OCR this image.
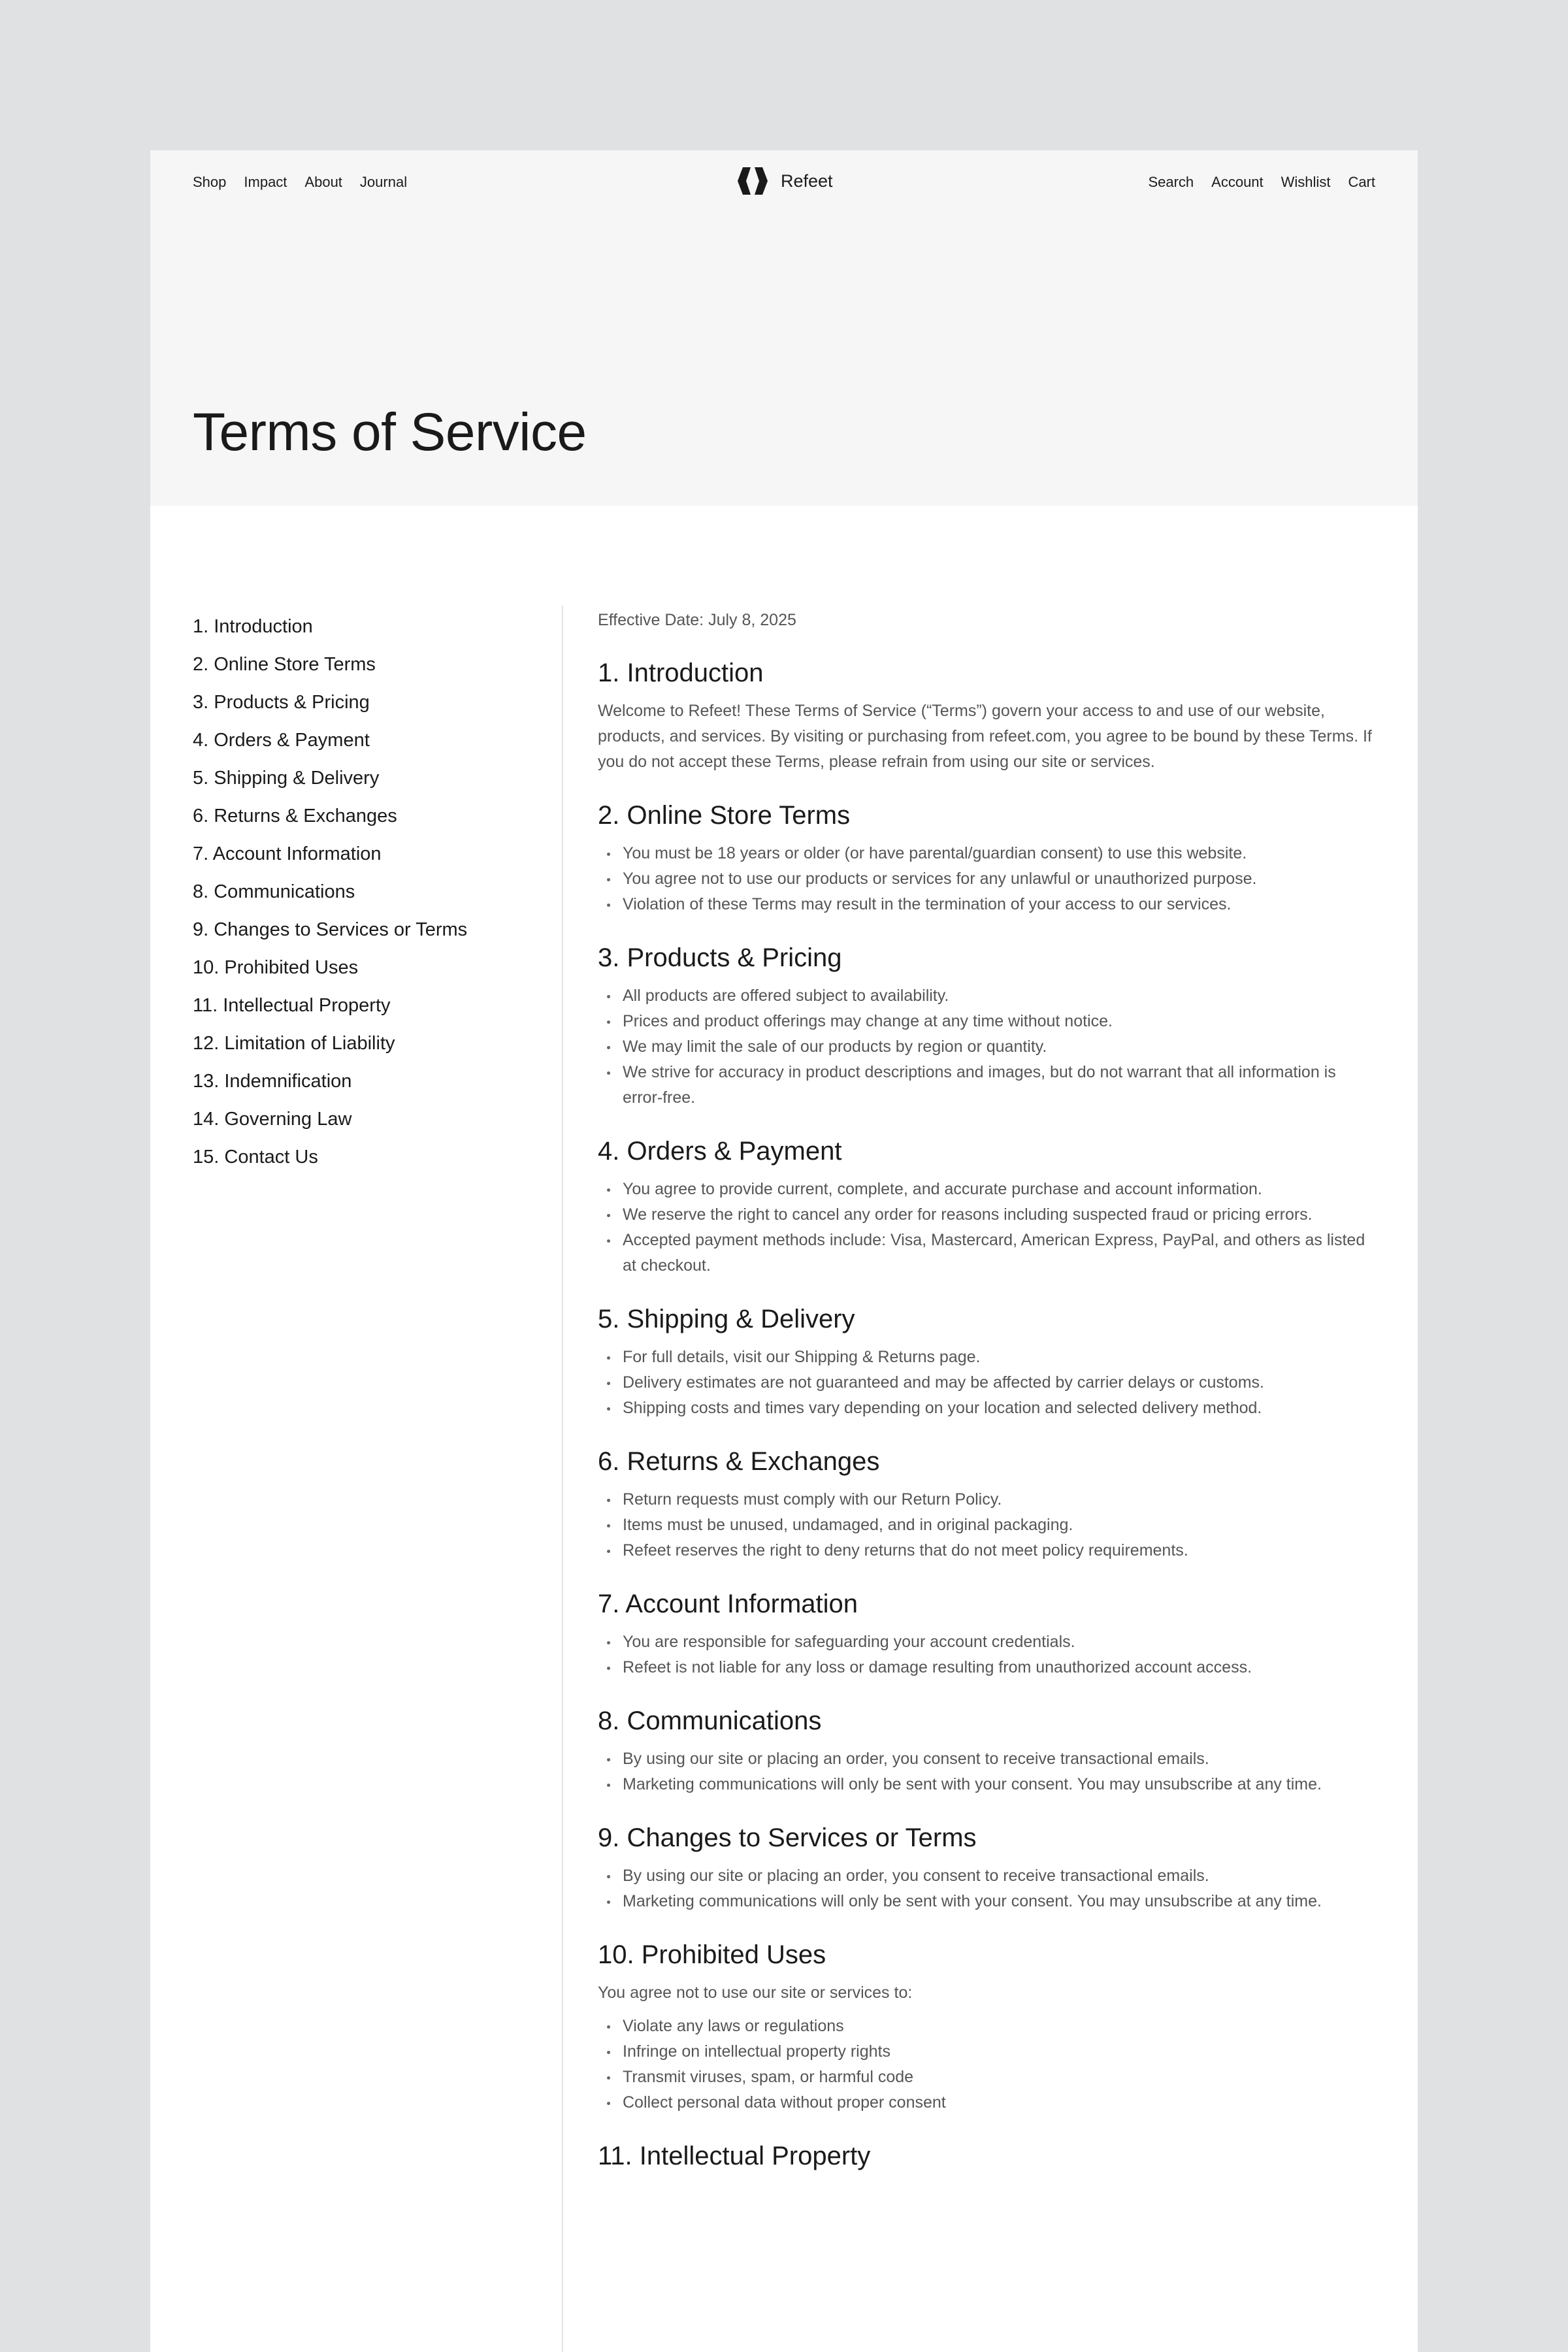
Shop Impact About Journal	Refeet	Search Account Wishlist Cart
Terms of Service
1. Introduction
2. Online Store Terms
3. Products & Pricing
4. Orders & Payment
5. Shipping & Delivery
6. Returns & Exchanges
7. Account Information
8. Communications
9. Changes to Services or Terms
10. Prohibited Uses
11. Intellectual Property
12. Limitation of Liability
13. Indemnification
14. Governing Law
15. Contact Us

Effective Date: July 8, 2025

1. Introduction

Welcome to Refeet! These Terms of Service (“Terms”) govern your access to and use of our website, products, and services. By visiting or purchasing from refeet.com, you agree to be bound by these Terms. If you do not accept these Terms, please refrain from using our site or services.

2. Online Store Terms
You must be 18 years or older (or have parental/guardian consent) to use this website.
You agree not to use our products or services for any unlawful or unauthorized purpose.
Violation of these Terms may result in the termination of your access to our services.
3. Products & Pricing
All products are offered subject to availability.
Prices and product offerings may change at any time without notice.
We may limit the sale of our products by region or quantity.
We strive for accuracy in product descriptions and images, but do not warrant that all information is error-free.
4. Orders & Payment
You agree to provide current, complete, and accurate purchase and account information.
We reserve the right to cancel any order for reasons including suspected fraud or pricing errors.
Accepted payment methods include: Visa, Mastercard, American Express, PayPal, and others as listed at checkout.
5. Shipping & Delivery
For full details, visit our Shipping & Returns page.
Delivery estimates are not guaranteed and may be affected by carrier delays or customs.
Shipping costs and times vary depending on your location and selected delivery method.
6. Returns & Exchanges
Return requests must comply with our Return Policy.
Items must be unused, undamaged, and in original packaging.
Refeet reserves the right to deny returns that do not meet policy requirements.
7. Account Information
You are responsible for safeguarding your account credentials.
Refeet is not liable for any loss or damage resulting from unauthorized account access.
8. Communications
By using our site or placing an order, you consent to receive transactional emails.
Marketing communications will only be sent with your consent. You may unsubscribe at any time.
9. Changes to Services or Terms
By using our site or placing an order, you consent to receive transactional emails.
Marketing communications will only be sent with your consent. You may unsubscribe at any time.
10. Prohibited Uses

You agree not to use our site or services to:

Violate any laws or regulations
Infringe on intellectual property rights
Transmit viruses, spam, or harmful code
Collect personal data without proper consent
11. Intellectual Property
